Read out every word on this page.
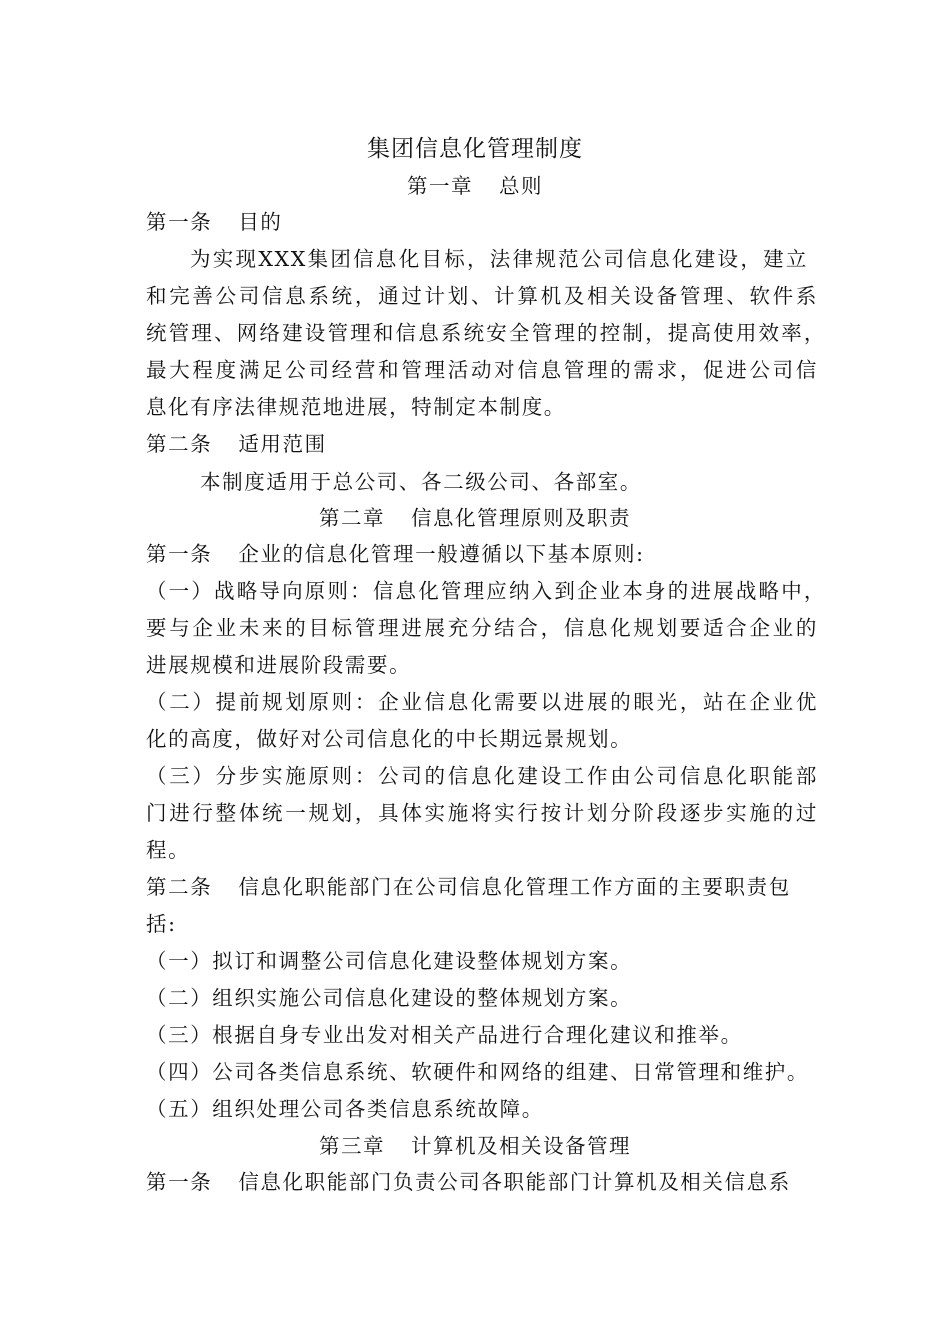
集团信息化管理制度
第一章 总则
第一条 目的
为实现XXX集团信息化目标，法律规范公司信息化建设，建立
和完善公司信息系统，通过计划、计算机及相关设备管理、软件系
统管理、网络建设管理和信息系统安全管理的控制，提高使用效率，
最大程度满足公司经营和管理活动对信息管理的需求，促进公司信
息化有序法律规范地进展，特制定本制度。
第二条 适用范围
本制度适用于总公司、各二级公司、各部室。
第二章 信息化管理原则及职责
第一条 企业的信息化管理一般遵循以下基本原则:
（一）战略导向原则：信息化管理应纳入到企业本身的进展战略中，
要与企业未来的目标管理进展充分结合，信息化规划要适合企业的
进展规模和进展阶段需要。
（二）提前规划原则：企业信息化需要以进展的眼光，站在企业优
化的高度，做好对公司信息化的中长期远景规划。
（三）分步实施原则：公司的信息化建设工作由公司信息化职能部
门进行整体统一规划，具体实施将实行按计划分阶段逐步实施的过
程。
第二条 信息化职能部门在公司信息化管理工作方面的主要职责包
括:
（一）拟订和调整公司信息化建设整体规划方案。
（二）组织实施公司信息化建设的整体规划方案。
（三）根据自身专业出发对相关产品进行合理化建议和推举。
（四）公司各类信息系统、软硬件和网络的组建、日常管理和维护。
（五）组织处理公司各类信息系统故障。
第三章 计算机及相关设备管理
第一条 信息化职能部门负责公司各职能部门计算机及相关信息系
